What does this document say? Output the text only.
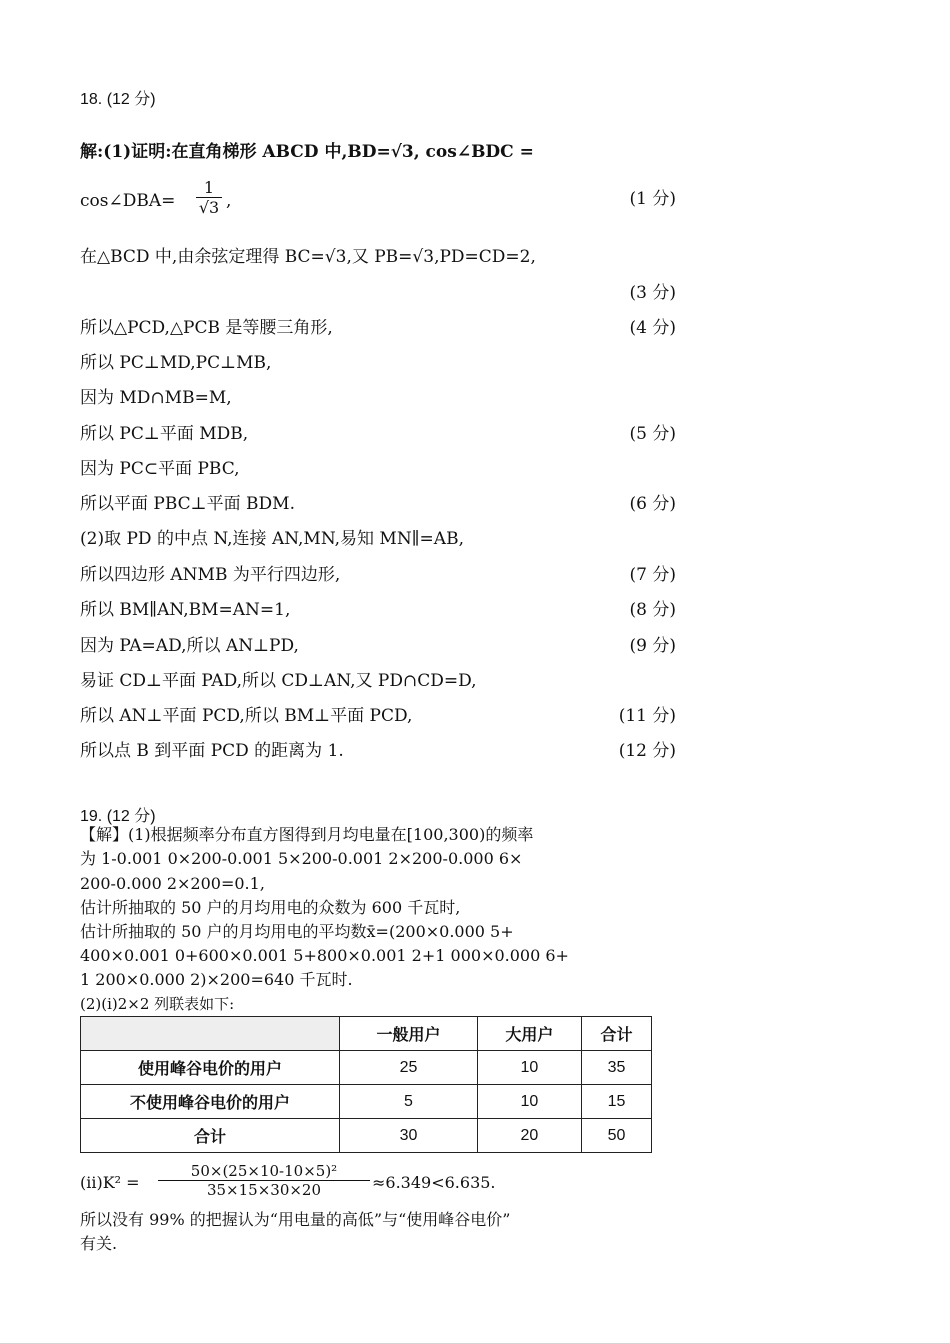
18. (12 分)
解:(1)证明:在直角梯形 ABCD 中,BD=√3, cos∠BDC =
cos∠DBA= $\frac{1}{√3}$ ,	(1 分)
在△BCD 中,由余弦定理得 BC=√3,又 PB=√3,PD=CD=2,
(3 分)
所以△PCD,△PCB 是等腰三角形,	(4 分)
所以 PC⊥MD,PC⊥MB,
因为 MD∩MB=M,
所以 PC⊥平面 MDB,	(5 分)
因为 PC⊂平面 PBC,
所以平面 PBC⊥平面 BDM.	(6 分)
(2)取 PD 的中点 N,连接 AN,MN,易知 MN∥=AB,
所以四边形 ANMB 为平行四边形,	(7 分)
所以 BM∥AN,BM=AN=1,	(8 分)
因为 PA=AD,所以 AN⊥PD,	(9 分)
易证 CD⊥平面 PAD,所以 CD⊥AN,又 PD∩CD=D,
所以 AN⊥平面 PCD,所以 BM⊥平面 PCD,	(11 分)
所以点 B 到平面 PCD 的距离为 1.	(12 分)
19. (12 分)
【解】(1)根据频率分布直方图得到月均电量在[100,300)的频率
为 1-0.001 0×200-0.001 5×200-0.001 2×200-0.000 6×
200-0.000 2×200=0.1,
估计所抽取的 50 户的月均用电的众数为 600 千瓦时,
估计所抽取的 50 户的月均用电的平均数x̄=(200×0.000 5+
400×0.001 0+600×0.001 5+800×0.001 2+1 000×0.000 6+
1 200×0.000 2)×200=640 千瓦时.
(2)(i)2×2 列联表如下:
	一般用户	大用户	合计
使用峰谷电价的用户	25	10	35
不使用峰谷电价的用户	5	10	15
合计	30	20	50
$(ii)K^2 = \frac{\text{50×(25×10-10×5)²}}{35\times 15\times 30\times 20} \approx 6.349<6.635$.
所以没有 99% 的把握认为“用电量的高低”与“使用峰谷电价”
有关.
